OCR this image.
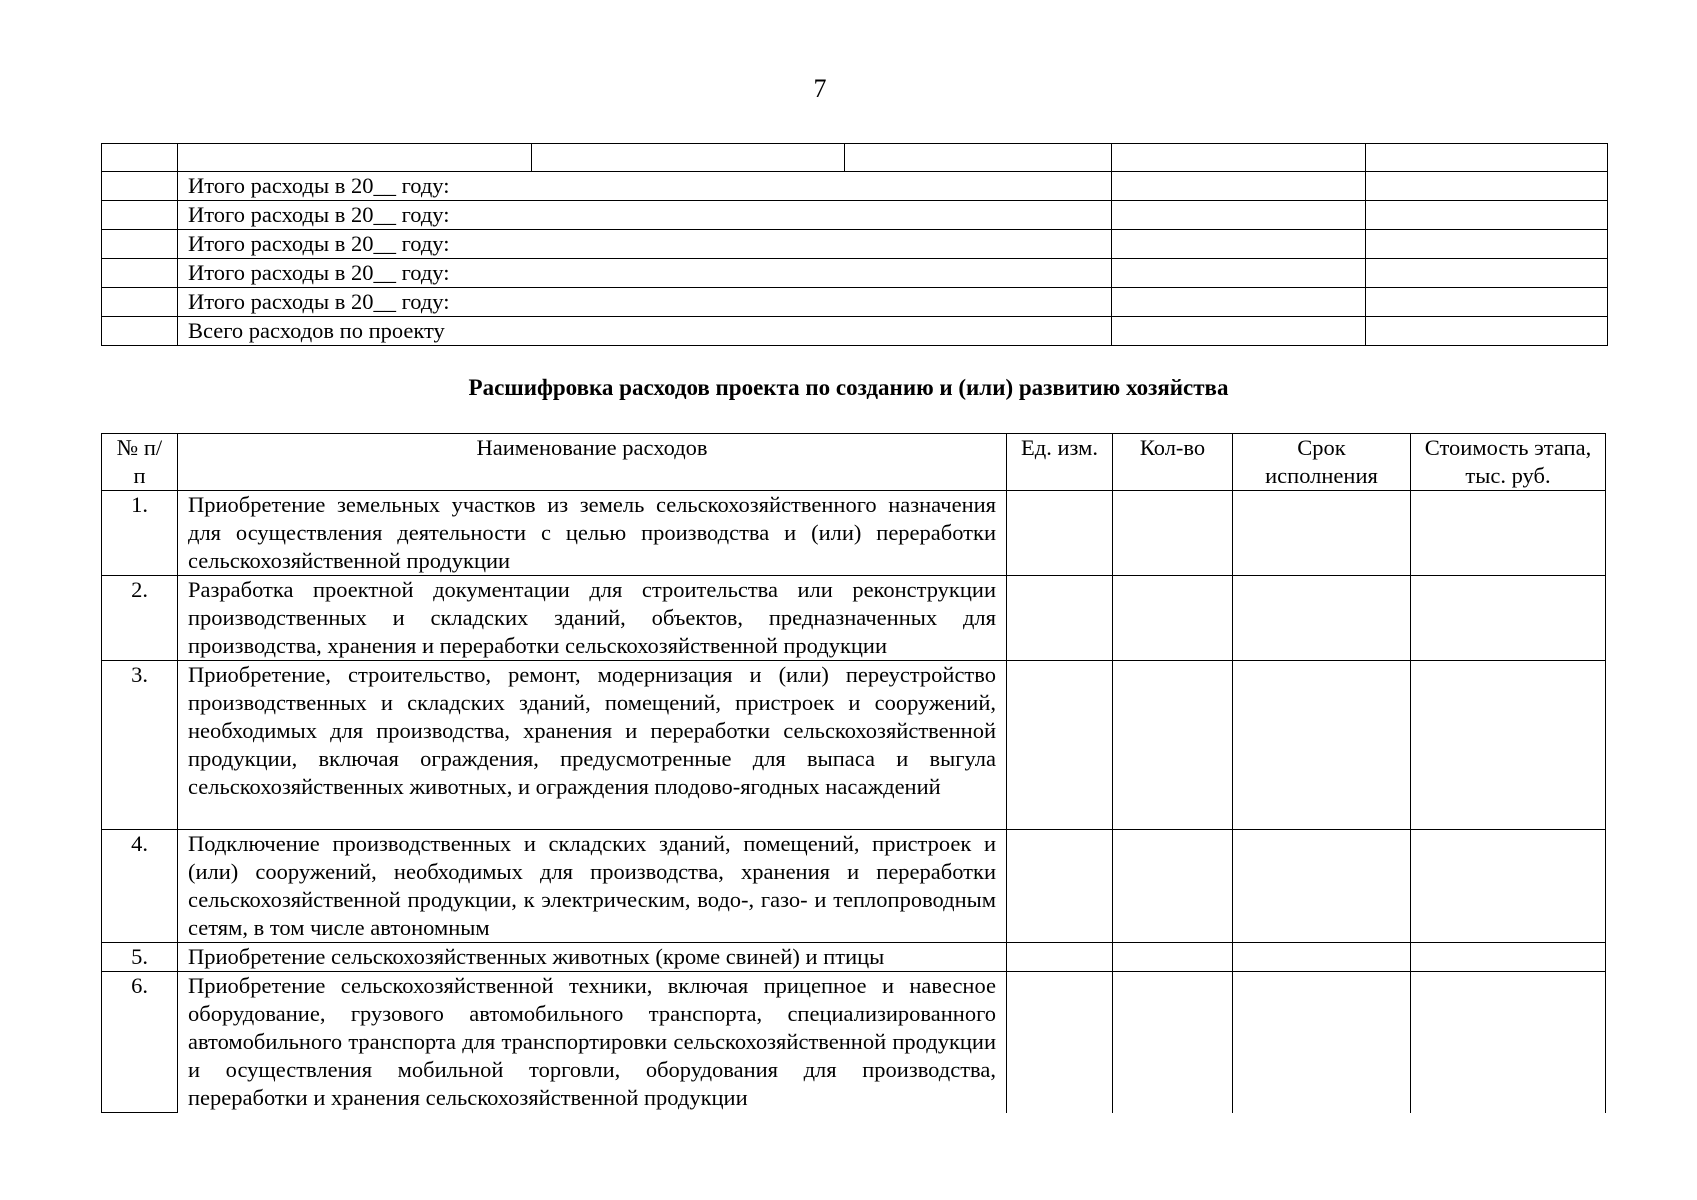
7

	Итого расходы в 20__ году:				
	Итого расходы в 20__ году:				
	Итого расходы в 20__ году:				
	Итого расходы в 20__ году:				
	Итого расходы в 20__ году:				
	Всего расходов по проекту				
Расшифровка расходов проекта по созданию и (или) развитию хозяйства
№ п/п	Наименование расходов	Ед. изм.	Кол-во	Срок исполнения	Стоимость этапа, тыс. руб.
1.	Приобретение земельных участков из земель сельскохозяйственного назначения для осуществления деятельности с целью производства и (или) переработки сельскохозяйственной продукции				
2.	Разработка проектной документации для строительства или реконструкции производственных и складских зданий, объектов, предназначенных для производства, хранения и переработки сельскохозяйственной продукции				
3.	Приобретение, строительство, ремонт, модернизация и (или) переустройство производственных и складских зданий, помещений, пристроек и сооружений, необходимых для производства, хранения и переработки сельскохозяйственной продукции, включая ограждения, предусмотренные для выпаса и выгула сельскохозяйственных животных, и ограждения плодово-ягодных насаждений				
4.	Подключение производственных и складских зданий, помещений, пристроек и (или) сооружений, необходимых для производства, хранения и переработки сельскохозяйственной продукции, к электрическим, водо-, газо- и теплопроводным сетям, в том числе автономным				
5.	Приобретение сельскохозяйственных животных (кроме свиней) и птицы				
6.	Приобретение сельскохозяйственной техники, включая прицепное и навесное оборудование, грузового автомобильного транспорта, специализированного автомобильного транспорта для транспортировки сельскохозяйственной продукции и осуществления мобильной торговли, оборудования для производства, переработки и хранения сельскохозяйственной продукции				
